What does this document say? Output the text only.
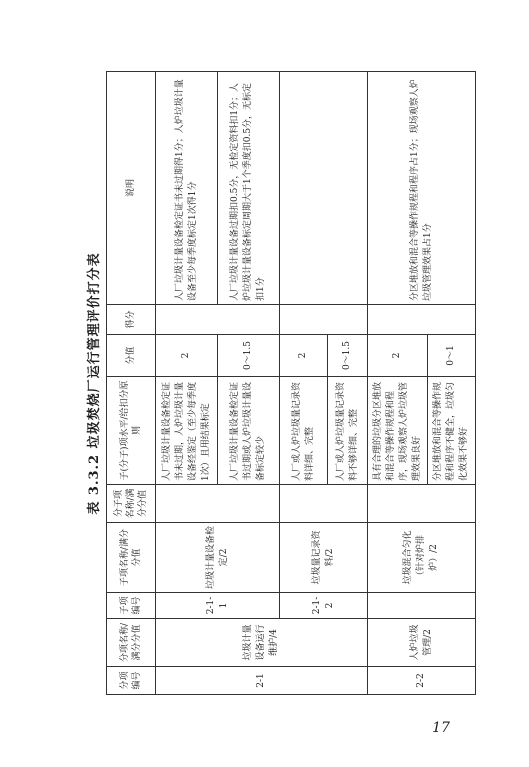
表 3.3.2 垃圾焚烧厂运行管理评价打分表
分项编号	分项名称/满分分值	子项编号	子项名称/满分分值	分子项名称/满分分值	子(分子)项水平/给扣分原则	分值	得分	说明
2-1	垃圾计量设备运行维护/4	2-1-1	垃圾计量设备检定/2		人厂垃圾计量设备检定证书未过期，人炉垃圾计量设备经鉴定（至少每季度1次）且用结果标定	2		人厂垃圾计量设备检定证书未过期得1分；人炉垃圾计量设备至少每季度标定1次得1分
					人厂垃圾计量设备检定证书过期或人炉垃圾计量设备标定较少	0～1.5		人厂垃圾计量设备过期扣0.5分，无检定资料扣1分；人炉垃圾计量设备标定周期大于1个季度扣0.5分，无标定扣1分
		2-1-2	垃圾量记录资料/2		人厂或人炉垃圾量记录资料详细、完整	2		
					人厂或人炉垃圾量记录资料不够详细、完整	0～1.5		
2-2	人炉垃圾管理/2		垃圾混合匀化（针对炉排炉）/2		具有合理的垃圾分区堆放和混合等操作规程和程序，现场观察人炉垃圾管理效果良好	2		分区堆放和混合等操作规程和程序占1分；现场观察人炉垃圾管理效果占1分
					分区堆放和混合等操作规程和程序不健全，垃圾匀化效果不够好	0～1		
17
